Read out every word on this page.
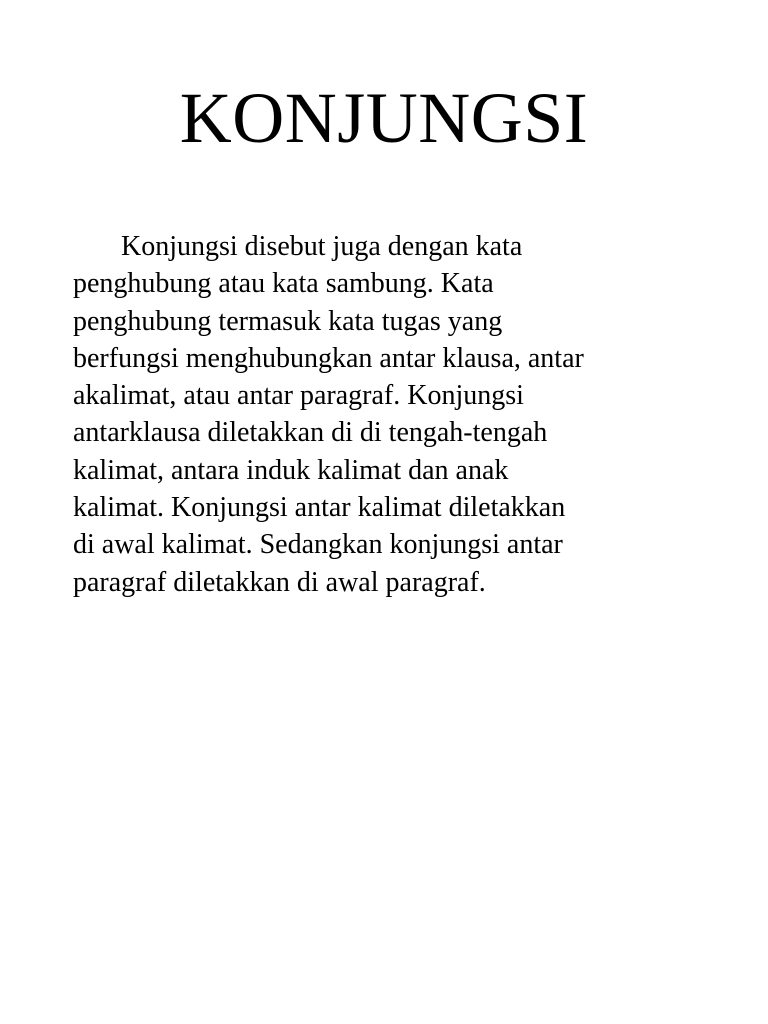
KONJUNGSI
Konjungsi disebut juga dengan kata
penghubung atau kata sambung. Kata
penghubung termasuk kata tugas yang
berfungsi menghubungkan antar klausa, antar
akalimat, atau antar paragraf. Konjungsi
antarklausa diletakkan di di tengah-tengah
kalimat, antara induk kalimat dan anak
kalimat. Konjungsi antar kalimat diletakkan
di awal kalimat. Sedangkan konjungsi antar
paragraf diletakkan di awal paragraf.
